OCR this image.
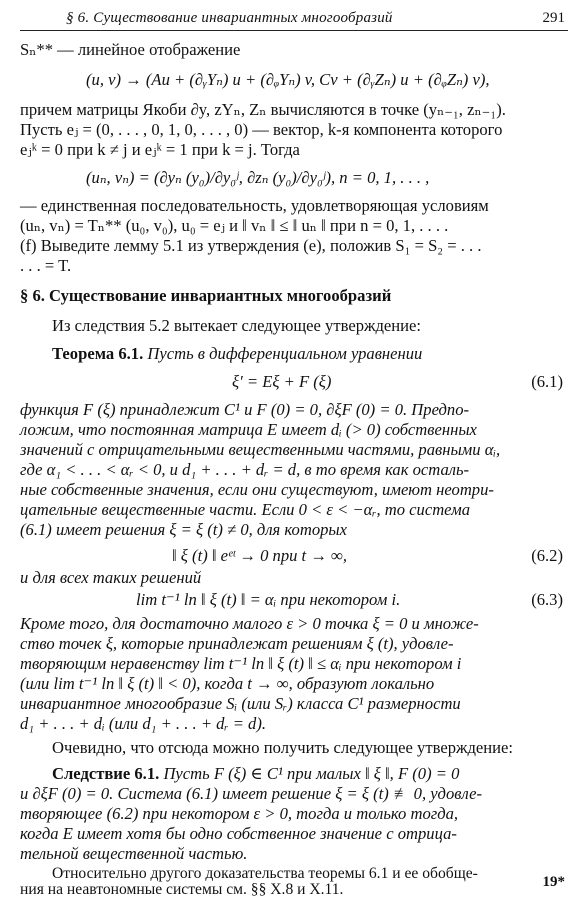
§ 6. Существование инвариантных многообразий	291
Sₙ** — линейное отображение
(u, v) → (Au + (∂ᵧYₙ) u + (∂ᵩYₙ) v, Cv + (∂ᵧZₙ) u + (∂ᵩZₙ) v),
причем матрицы Якоби ∂y, zYₙ, Zₙ вычисляются в точке (yₙ₋₁, zₙ₋₁).
Пусть eⱼ = (0, . . . , 0, 1, 0, . . . , 0) — вектор, k-я компонента которого
eⱼᵏ = 0 при k ≠ j и eⱼᵏ = 1 при k = j. Тогда
(uₙ, vₙ) = (∂yₙ (y₀)/∂y₀ʲ, ∂zₙ (y₀)/∂y₀ʲ), n = 0, 1, . . . ,
— единственная последовательность, удовлетворяющая условиям
(uₙ, vₙ) = Tₙ** (u₀, v₀), u₀ = eⱼ и ‖ vₙ ‖ ≤ ‖ uₙ ‖ при n = 0, 1, . . . .
(f) Выведите лемму 5.1 из утверждения (e), положив S₁ = S₂ = . . .
. . . = T.
§ 6. Существование инвариантных многообразий
Из следствия 5.2 вытекает следующее утверждение:
Теорема 6.1. Пусть в дифференциальном уравнении
ξ′ = Eξ + F (ξ)	(6.1)
функция F (ξ) принадлежит C¹ и F (0) = 0, ∂ξF (0) = 0. Предпо-
ложим, что постоянная матрица E имеет dᵢ (> 0) собственных
значений с отрицательными вещественными частями, равными αᵢ,
где α₁ < . . . < αᵣ < 0, и d₁ + . . . + dᵣ = d, в то время как осталь-
ные собственные значения, если они существуют, имеют неотри-
цательные вещественные части. Если 0 < ε < −αᵣ, то система
(6.1) имеет решения ξ = ξ (t) ≠ 0, для которых
‖ ξ (t) ‖ eᵉᵗ → 0 при t → ∞,	(6.2)
и для всех таких решений
lim t⁻¹ ln ‖ ξ (t) ‖ = αᵢ при некотором i.	(6.3)
Кроме того, для достаточно малого ε > 0 точка ξ = 0 и множе-
ство точек ξ, которые принадлежат решениям ξ (t), удовле-
творяющим неравенству lim t⁻¹ ln ‖ ξ (t) ‖ ≤ αᵢ при некотором i
(или lim t⁻¹ ln ‖ ξ (t) ‖ < 0), когда t → ∞, образуют локально
инвариантное многообразие Sᵢ (или Sᵣ) класса C¹ размерности
d₁ + . . . + dᵢ (или d₁ + . . . + dᵣ = d).
Очевидно, что отсюда можно получить следующее утверждение:
Следствие 6.1. Пусть F (ξ) ∈ C¹ при малых ‖ ξ ‖, F (0) = 0
и ∂ξF (0) = 0. Система (6.1) имеет решение ξ = ξ (t) ≢ 0, удовле-
творяющее (6.2) при некотором ε > 0, тогда и только тогда,
когда E имеет хотя бы одно собственное значение с отрица-
тельной вещественной частью.
Относительно другого доказательства теоремы 6.1 и ее обобще-
ния на неавтономные системы см. §§ X.8 и X.11.	19*
